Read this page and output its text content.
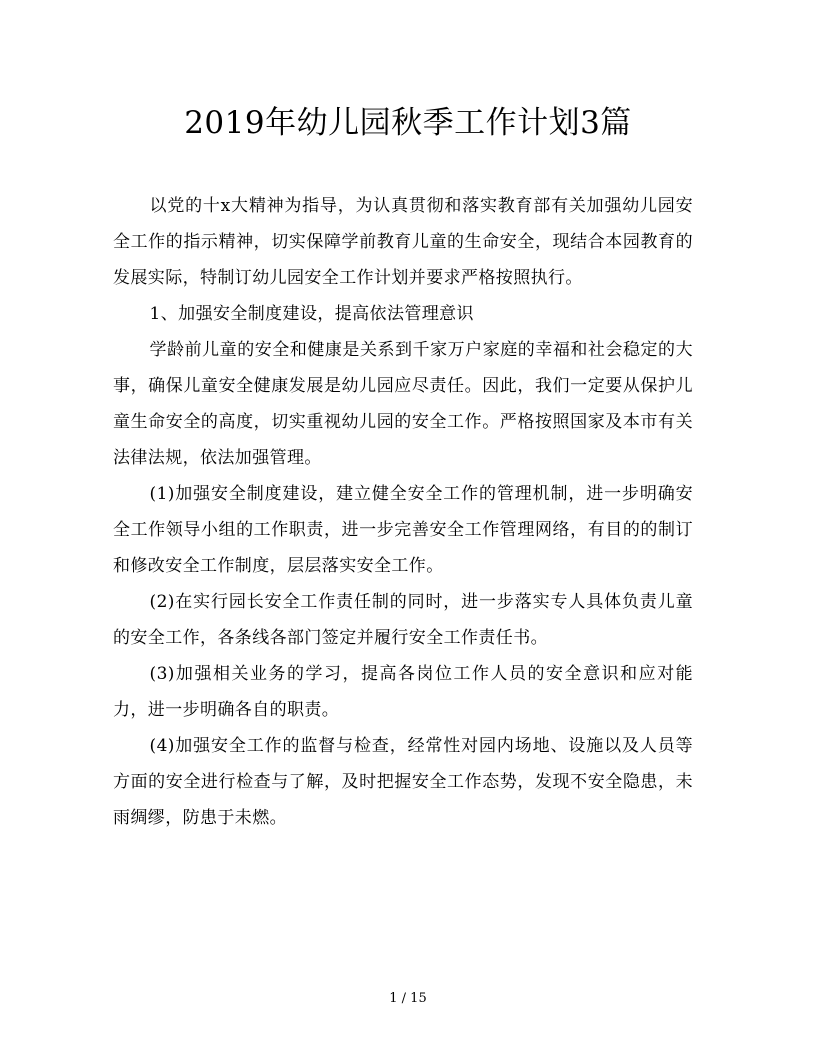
2019年幼儿园秋季工作计划3篇

以党的十x大精神为指导，为认真贯彻和落实教育部有关加强幼儿园安全工作的指示精神，切实保障学前教育儿童的生命安全，现结合本园教育的发展实际，特制订幼儿园安全工作计划并要求严格按照执行。

1、加强安全制度建设，提高依法管理意识

学龄前儿童的安全和健康是关系到千家万户家庭的幸福和社会稳定的大事，确保儿童安全健康发展是幼儿园应尽责任。因此，我们一定要从保护儿童生命安全的高度，切实重视幼儿园的安全工作。严格按照国家及本市有关法律法规，依法加强管理。

(1)加强安全制度建设，建立健全安全工作的管理机制，进一步明确安全工作领导小组的工作职责，进一步完善安全工作管理网络，有目的的制订和修改安全工作制度，层层落实安全工作。

(2)在实行园长安全工作责任制的同时，进一步落实专人具体负责儿童的安全工作，各条线各部门签定并履行安全工作责任书。

(3)加强相关业务的学习，提高各岗位工作人员的安全意识和应对能力，进一步明确各自的职责。

(4)加强安全工作的监督与检查，经常性对园内场地、设施以及人员等方面的安全进行检查与了解，及时把握安全工作态势，发现不安全隐患，未雨绸缪，防患于未燃。

1 / 15
